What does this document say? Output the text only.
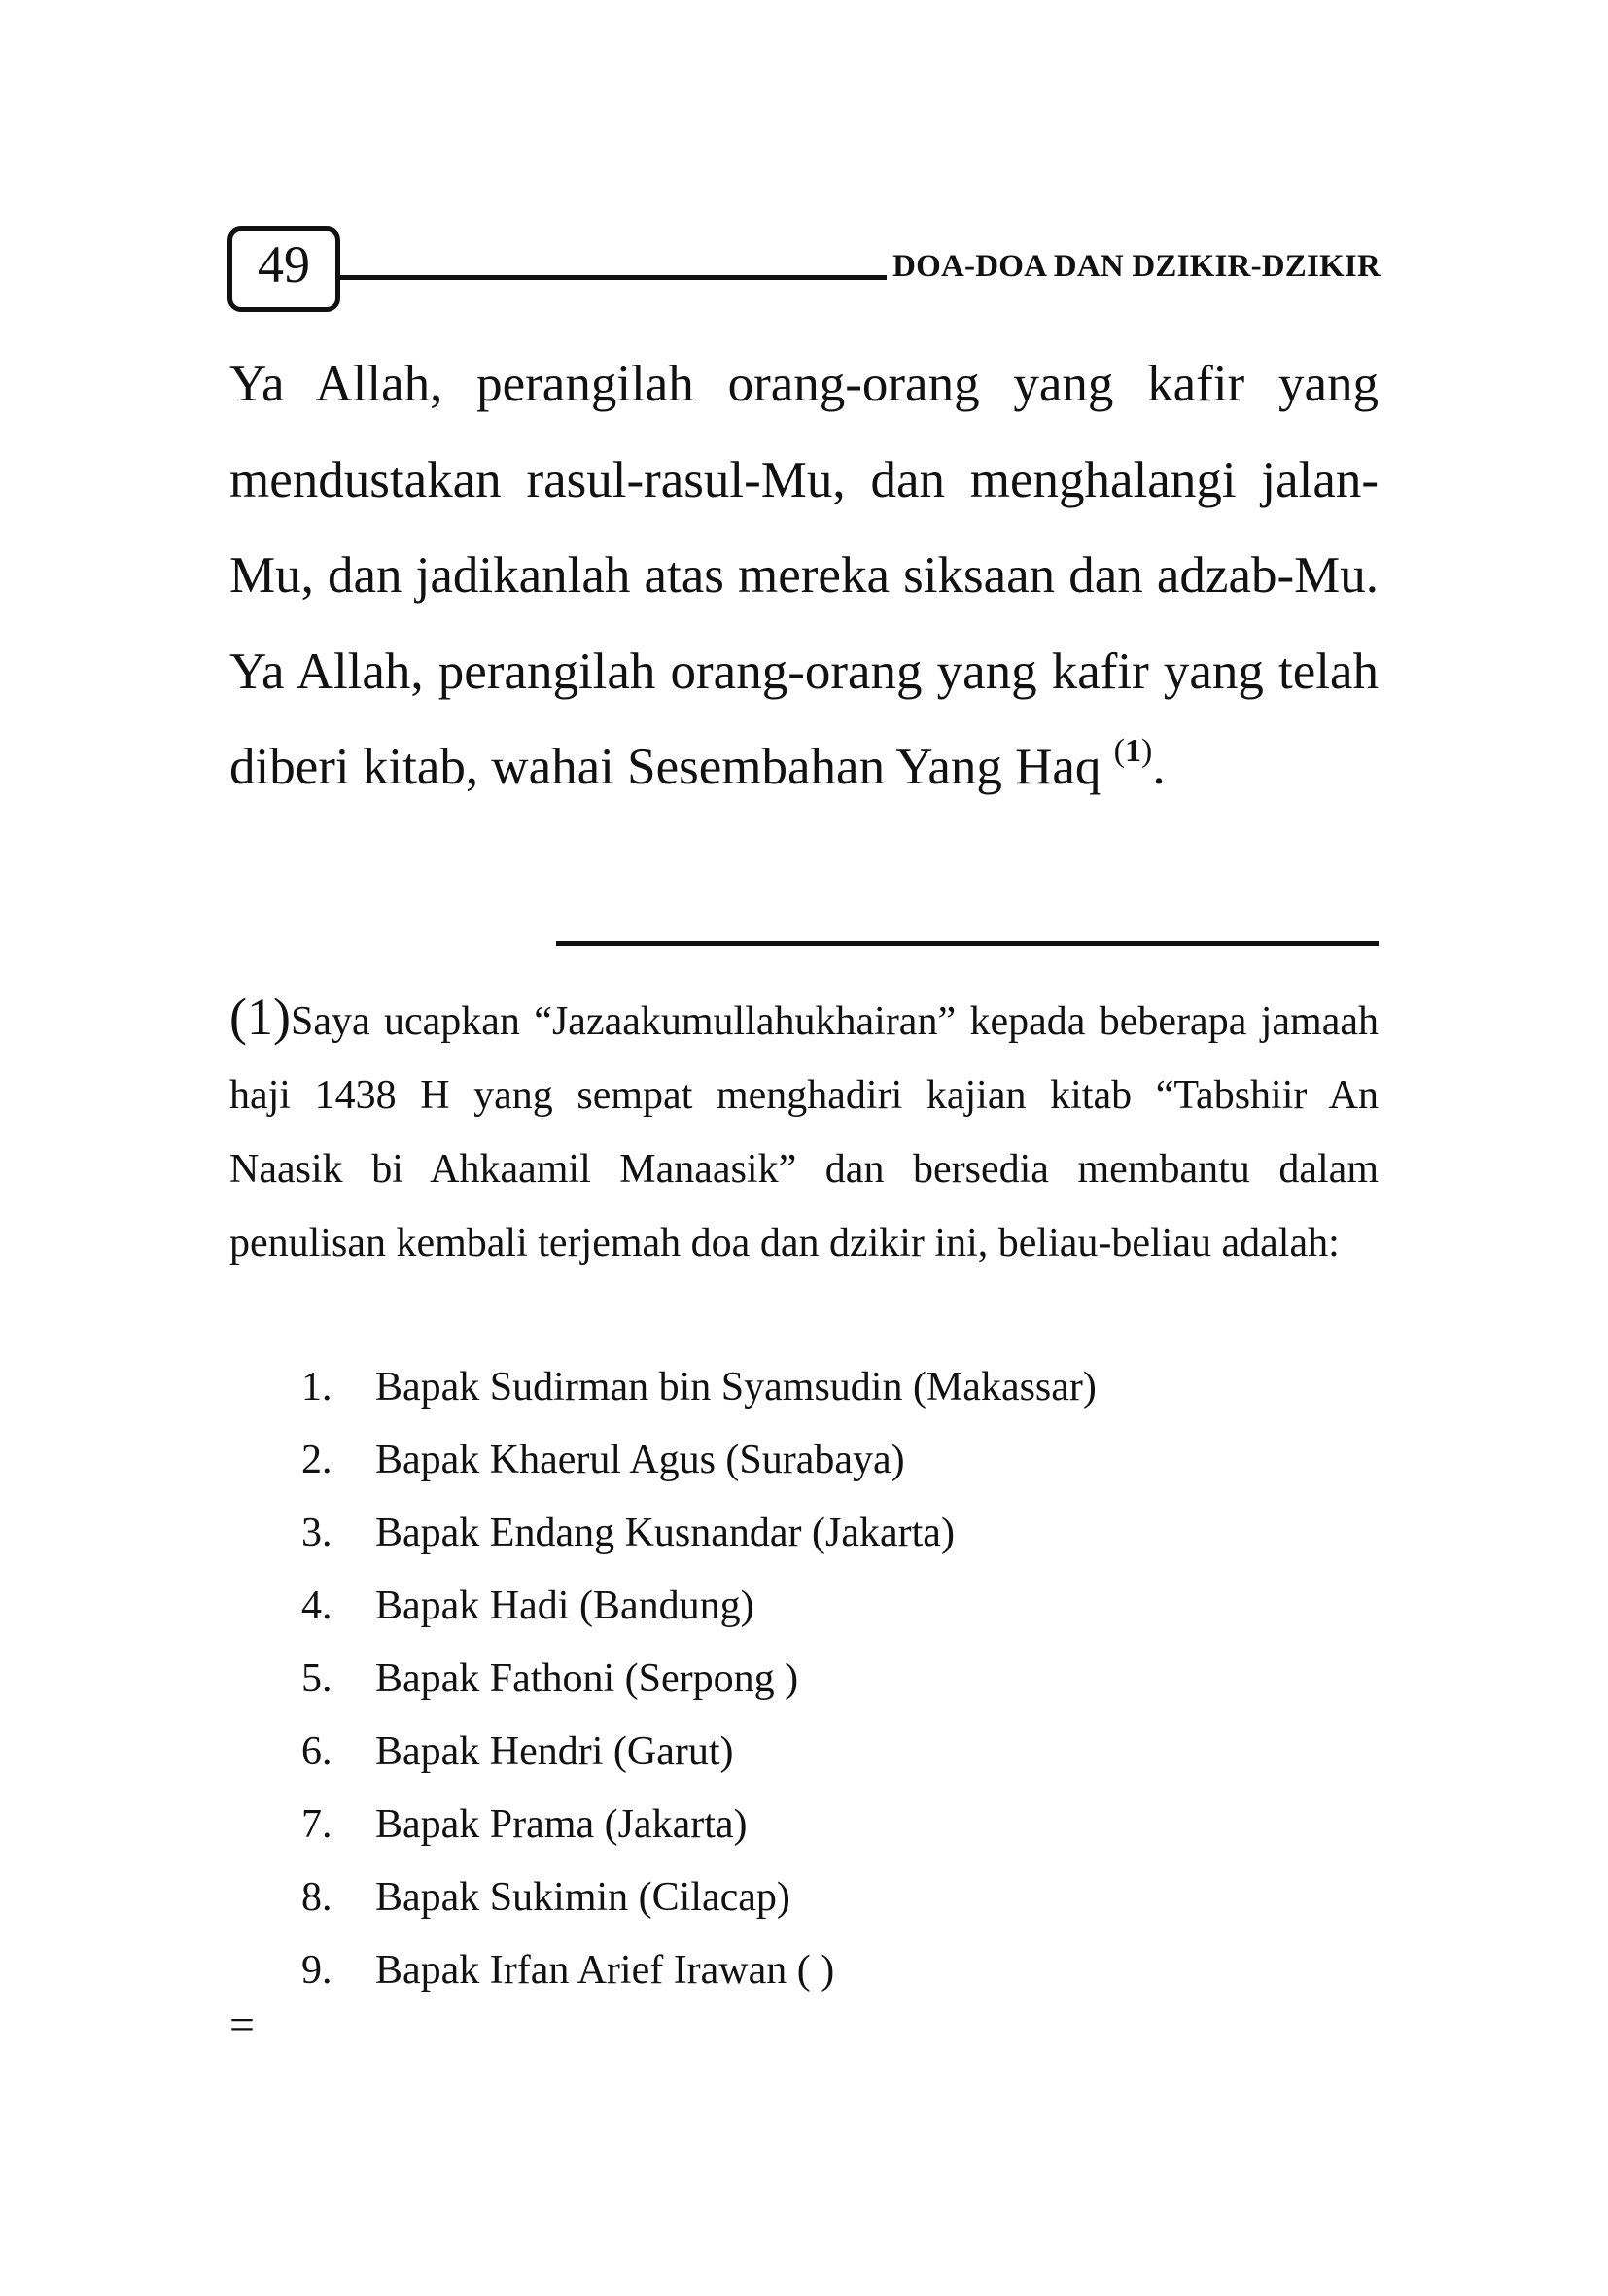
49	DOA-DOA DAN DZIKIR-DZIKIR
Ya Allah, perangilah orang-orang yang kafir yang mendustakan rasul-rasul-Mu, dan menghalangi jalan-Mu, dan jadikanlah atas mereka siksaan dan adzab-Mu. Ya Allah, perangilah orang-orang yang kafir yang telah diberi kitab, wahai Sesembahan Yang Haq $^{(1)}$.
(1)Saya ucapkan “Jazaakumullahukhairan” kepada beberapa jamaah haji 1438 H yang sempat menghadiri kajian kitab “Tabshiir An Naasik bi Ahkaamil Manaasik” dan bersedia membantu dalam penulisan kembali terjemah doa dan dzikir ini, beliau-beliau adalah:
1.	Bapak Sudirman bin Syamsudin (Makassar)
2.	Bapak Khaerul Agus (Surabaya)
3.	Bapak Endang Kusnandar (Jakarta)
4.	Bapak Hadi (Bandung)
5.	Bapak Fathoni (Serpong )
6.	Bapak Hendri (Garut)
7.	Bapak Prama (Jakarta)
8.	Bapak Sukimin (Cilacap)
9.	Bapak Irfan Arief Irawan ( )
=
